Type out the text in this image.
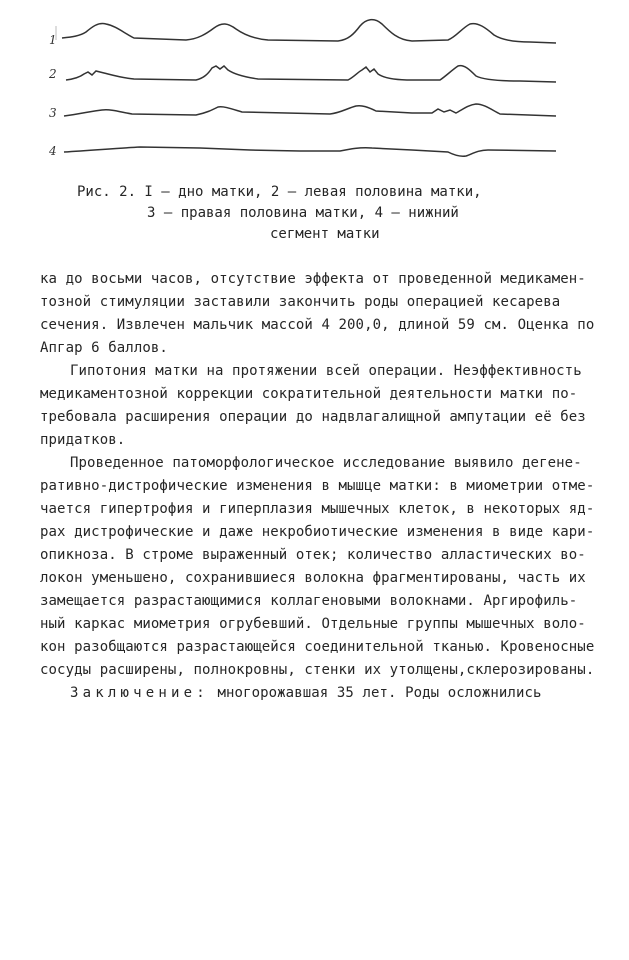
1
2
3
4
Рис. 2. I – дно матки, 2 – левая половина матки,
3 – правая половина матки, 4 – нижний
сегмент матки
ка до восьми часов, отсутствие эффекта от проведенной медикамен-
тозной стимуляции заставили закончить роды операцией кесарева
сечения. Извлечен мальчик массой 4 200,0, длиной 59 см. Оценка по
Апгар 6 баллов.
Гипотония матки на протяжении всей операции. Неэффективность
медикаментозной коррекции сократительной деятельности матки по-
требовала расширения операции до надвлагалищной ампутации её без
придатков.
Проведенное патоморфологическое исследование выявило дегене-
ративно-дистрофические изменения в мышце матки: в миометрии отме-
чается гипертрофия и гиперплазия мышечных клеток, в некоторых яд-
рах дистрофические и даже некробиотические изменения в виде кари-
опикноза. В строме выраженный отек; количество алластических во-
локон уменьшено, сохранившиеся волокна фрагментированы, часть их
замещается разрастающимися коллагеновыми волокнами. Аргирофиль-
ный каркас миометрия огрубевший. Отдельные группы мышечных воло-
кон разобщаются разрастающейся соединительной тканью. Кровеносные
сосуды расширены, полнокровны, стенки их утолщены,склерозированы.
Заключение: многорожавшая 35 лет. Роды осложнились
